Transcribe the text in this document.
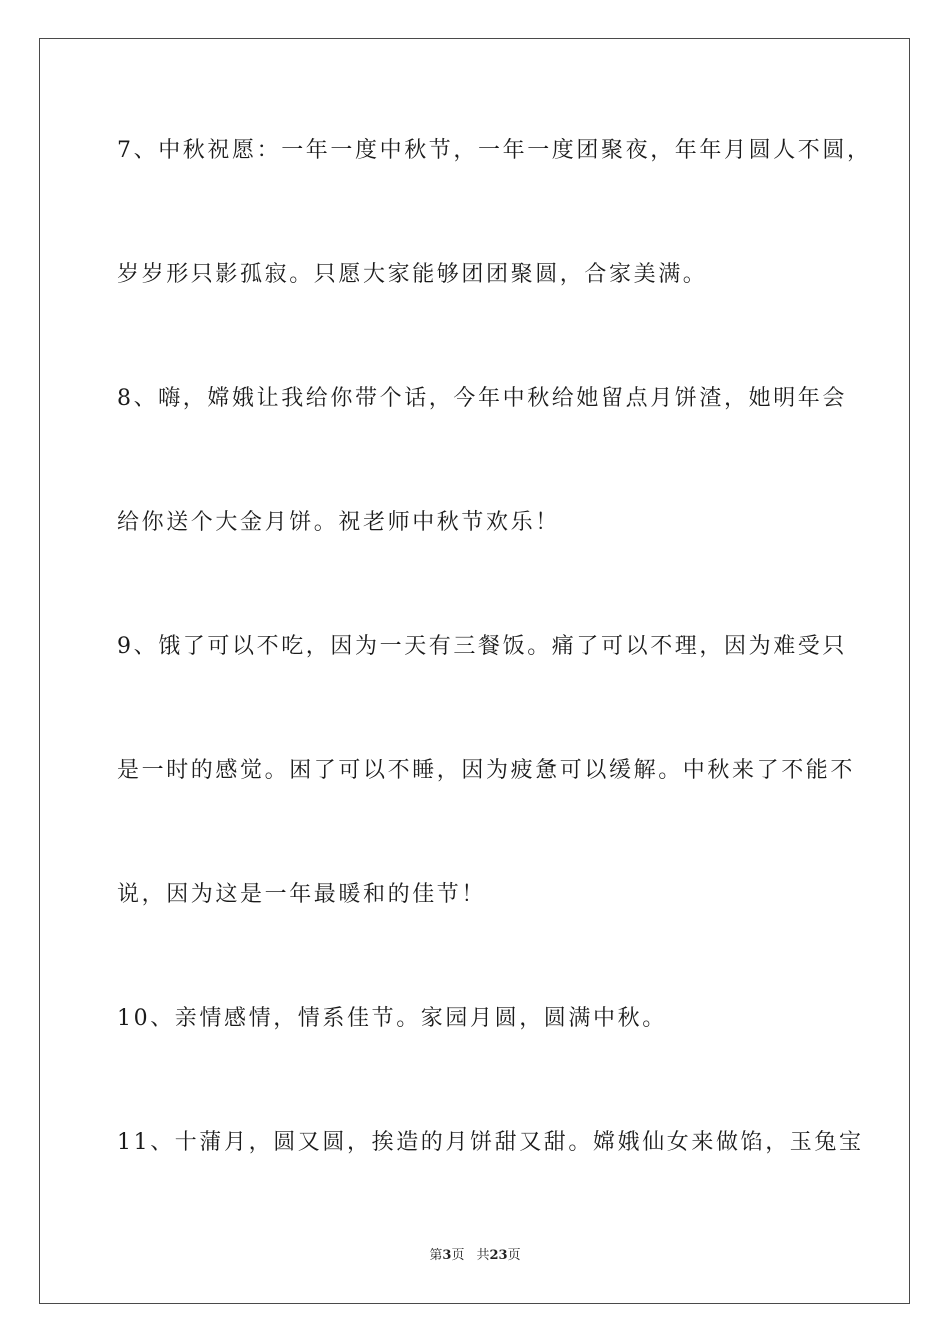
7、中秋祝愿：一年一度中秋节，一年一度团聚夜，年年月圆人不圆，
岁岁形只影孤寂。只愿大家能够团团聚圆，合家美满。
8、嗨，嫦娥让我给你带个话，今年中秋给她留点月饼渣，她明年会
给你送个大金月饼。祝老师中秋节欢乐！
9、饿了可以不吃，因为一天有三餐饭。痛了可以不理，因为难受只
是一时的感觉。困了可以不睡，因为疲惫可以缓解。中秋来了不能不
说，因为这是一年最暖和的佳节！
10、亲情感情，情系佳节。家园月圆，圆满中秋。
11、十蒲月，圆又圆，挨造的月饼甜又甜。嫦娥仙女来做馅，玉兔宝
第3页 共23页
